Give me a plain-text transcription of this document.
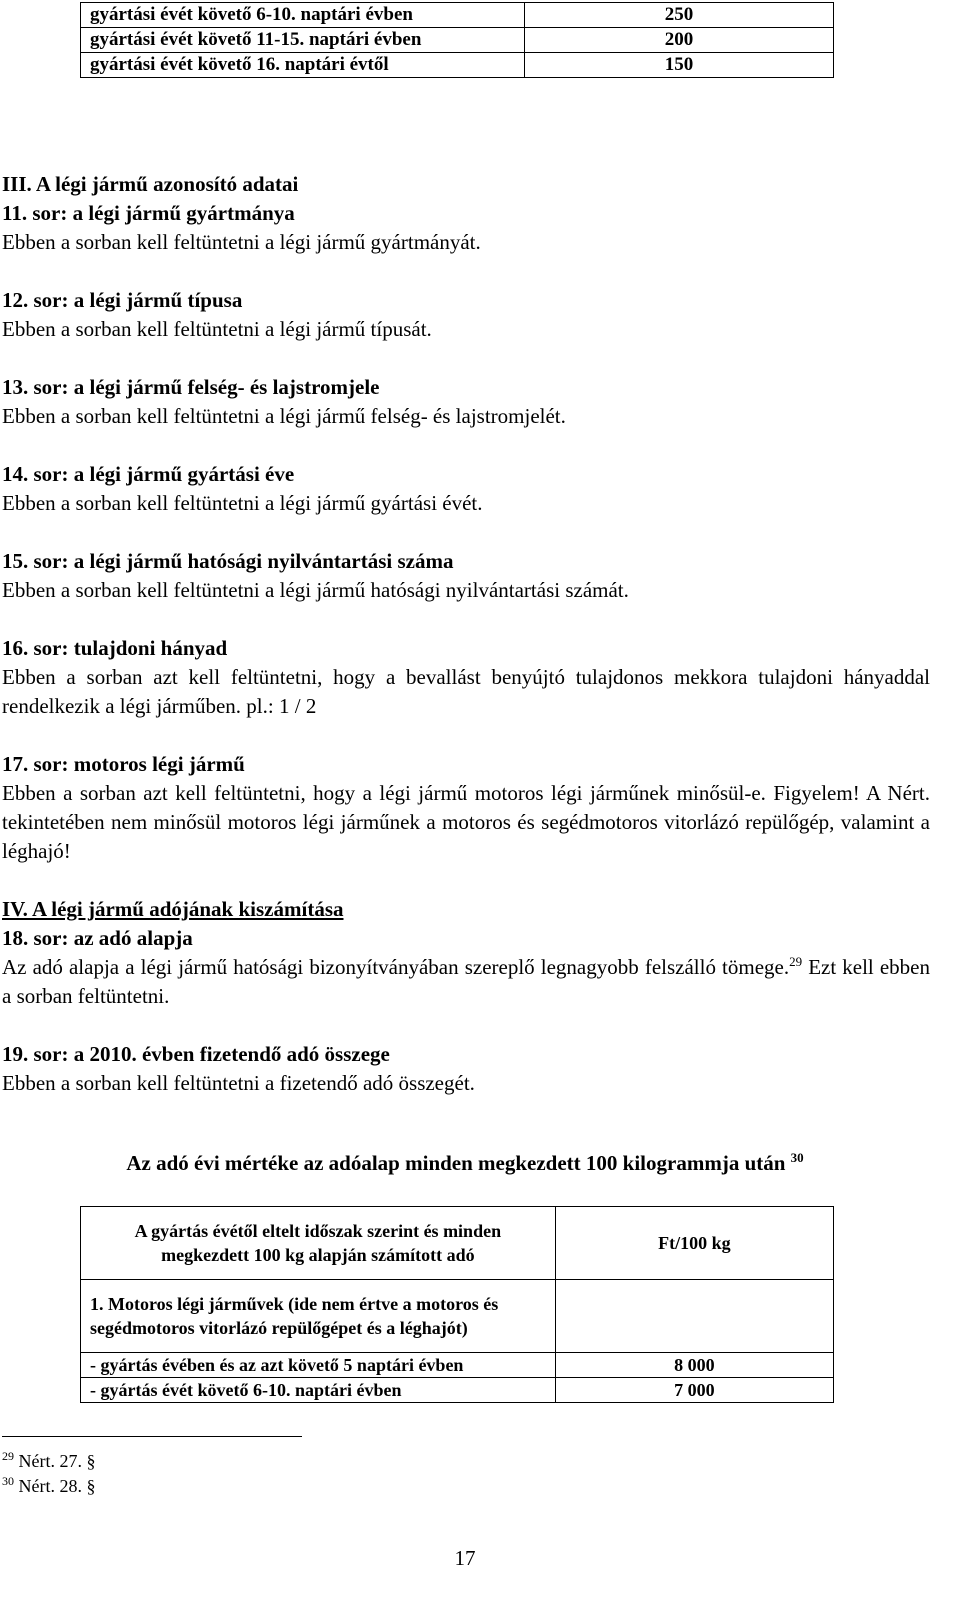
gyártási évét követő 6-10. naptári évben	250
gyártási évét követő 11-15. naptári évben	200
gyártási évét követő 16. naptári évtől	150

III. A légi jármű azonosító adatai

11. sor: a légi jármű gyártmánya

Ebben a sorban kell feltüntetni a légi jármű gyártmányát.

12. sor: a légi jármű típusa

Ebben a sorban kell feltüntetni a légi jármű típusát.

13. sor: a légi jármű felség- és lajstromjele

Ebben a sorban kell feltüntetni a légi jármű felség- és lajstromjelét.

14. sor: a légi jármű gyártási éve

Ebben a sorban kell feltüntetni a légi jármű gyártási évét.

15. sor: a légi jármű hatósági nyilvántartási száma

Ebben a sorban kell feltüntetni a légi jármű hatósági nyilvántartási számát.

16. sor: tulajdoni hányad

Ebben a sorban azt kell feltüntetni, hogy a bevallást benyújtó tulajdonos mekkora tulajdoni hányaddal rendelkezik a légi járműben. pl.: 1 / 2

17. sor: motoros légi jármű

Ebben a sorban azt kell feltüntetni, hogy a légi jármű motoros légi járműnek minősül-e. Figyelem! A Nért. tekintetében nem minősül motoros légi járműnek a motoros és segédmotoros vitorlázó repülőgép, valamint a léghajó!

IV. A légi jármű adójának kiszámítása

18. sor: az adó alapja

Az adó alapja a légi jármű hatósági bizonyítványában szereplő legnagyobb felszálló tömege.$^{29}$ Ezt kell ebben a sorban feltüntetni.

19. sor: a 2010. évben fizetendő adó összege

Ebben a sorban kell feltüntetni a fizetendő adó összegét.

Az adó évi mértéke az adóalap minden megkezdett 100 kilogrammja után $^{30}$
A gyártás évétől eltelt időszak szerint és minden megkezdett 100 kg alapján számított adó	Ft/100 kg
1. Motoros légi járművek (ide nem értve a motoros és segédmotoros vitorlázó repülőgépet és a léghajót)	
- gyártás évében és az azt követő 5 naptári évben	8 000
- gyártás évét követő 6-10. naptári évben	7 000
$^{29}$ Nért. 27. §
$^{30}$ Nért. 28. §
17
